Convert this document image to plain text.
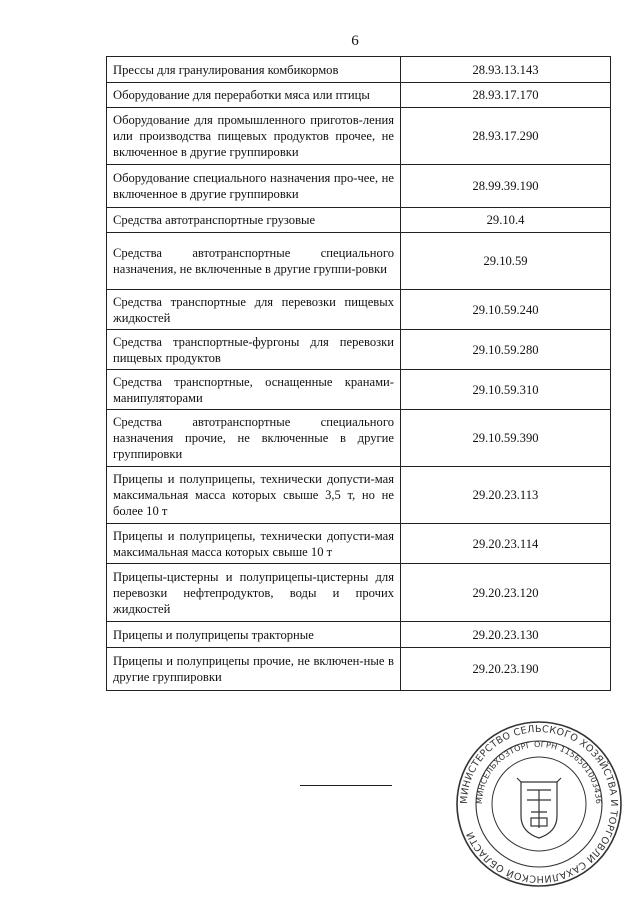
6
Прессы для гранулирования комбикормов	28.93.13.143
Оборудование для переработки мяса или птицы	28.93.17.170
Оборудование для промышленного приготов-ления или производства пищевых продуктов прочее, не включенное в другие группировки	28.93.17.290
Оборудование специального назначения про-чее, не включенное в другие группировки	28.99.39.190
Средства автотранспортные грузовые	29.10.4
Средства автотранспортные специального назначения, не включенные в другие группи-ровки	29.10.59
Средства транспортные для перевозки пищевых жидкостей	29.10.59.240
Средства транспортные-фургоны для перевозки пищевых продуктов	29.10.59.280
Средства транспортные, оснащенные кранами-манипуляторами	29.10.59.310
Средства автотранспортные специального назначения прочие, не включенные в другие группировки	29.10.59.390
Прицепы и полуприцепы, технически допусти-мая максимальная масса которых свыше 3,5 т, но не более 10 т	29.20.23.113
Прицепы и полуприцепы, технически допусти-мая максимальная масса которых свыше 10 т	29.20.23.114
Прицепы-цистерны и полуприцепы-цистерны для перевозки нефтепродуктов, воды и прочих жидкостей	29.20.23.120
Прицепы и полуприцепы тракторные	29.20.23.130
Прицепы и полуприцепы прочие, не включен-ные в другие группировки	29.20.23.190
МИНИСТЕРСТВО СЕЛЬСКОГО ХОЗЯЙСТВА И ТОРГОВЛИ САХАЛИНСКОЙ ОБЛАСТИ
МИНСЕЛЬХОЗТОРГ ОГРН 1156501003436
